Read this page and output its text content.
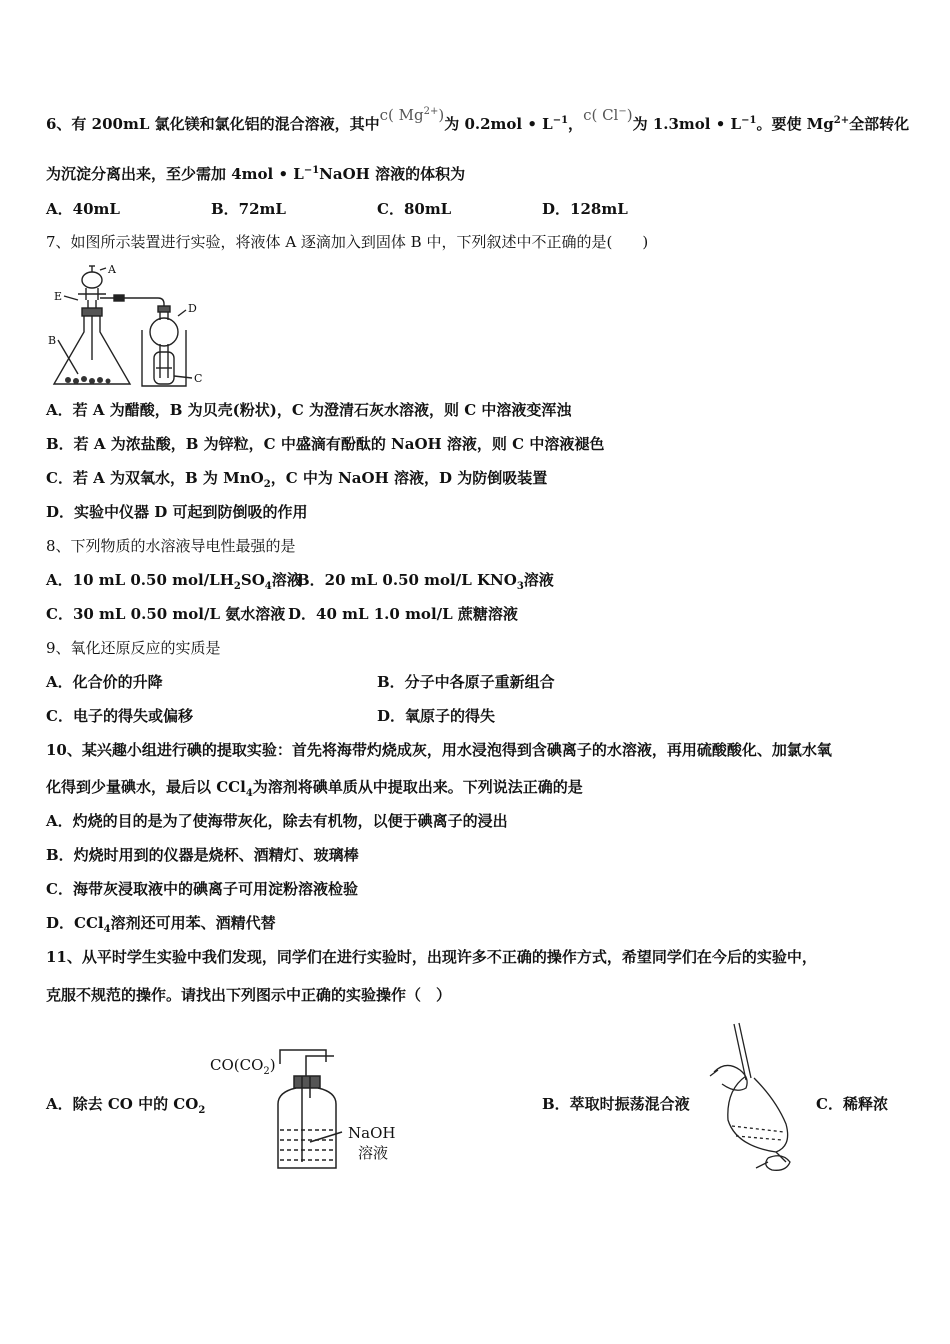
6、有 200mL 氯化镁和氯化铝的混合溶液，其中c( $Mg^{2+}$)为 0.2mol • $L^{-1}$，c( Cl−)为 1.3mol • $L^{-1}$。要使 $Mg^{2+}$全部转化
为沉淀分离出来，至少需加 4mol • $L^{-1}NaOH$ 溶液的体积为
A．40mL	B．72mL	C．80mL	D．128mL
7、如图所示装置进行实验，将液体 A 逐滴加入到固体 B 中，下列叙述中不正确的是(　　)
A
E
B
D
C
A．若 A 为醋酸，B 为贝壳(粉状)，C 为澄清石灰水溶液，则 C 中溶液变浑浊
B．若 A 为浓盐酸，B 为锌粒，C 中盛滴有酚酞的 NaOH 溶液，则 C 中溶液褪色
C．若 A 为双氧水，B 为 MnO$_2$，C 中为 NaOH 溶液，D 为防倒吸装置
D．实验中仪器 D 可起到防倒吸的作用
8、下列物质的水溶液导电性最强的是
A．10 mL 0.50 mol/$LH_2SO_4$溶液
B．20 mL 0.50 mol/L $KNO_3$溶液
C．30 mL 0.50 mol/L 氨水溶液 D．40 mL 1.0 mol/L 蔗糖溶液
9、氧化还原反应的实质是
A．化合价的升降	B．分子中各原子重新组合
C．电子的得失或偏移	D．氧原子的得失
10、某兴趣小组进行碘的提取实验：首先将海带灼烧成灰，用水浸泡得到含碘离子的水溶液，再用硫酸酸化、加氯水氧
化得到少量碘水，最后以 CCl$_4$为溶剂将碘单质从中提取出来。下列说法正确的是
A．灼烧的目的是为了使海带灰化，除去有机物，以便于碘离子的浸出
B．灼烧时用到的仪器是烧杯、酒精灯、玻璃棒
C．海带灰浸取液中的碘离子可用淀粉溶液检验
D．CCl$_4$溶剂还可用苯、酒精代替
11、从平时学生实验中我们发现，同学们在进行实验时，出现许多不正确的操作方式，希望同学们在今后的实验中，
克服不规范的操作。请找出下列图示中正确的实验操作（　）
A．除去 CO 中的 $CO_2$
$CO(CO_2)$
NaOH
溶液
B．萃取时振荡混合液	C．稀释浓
